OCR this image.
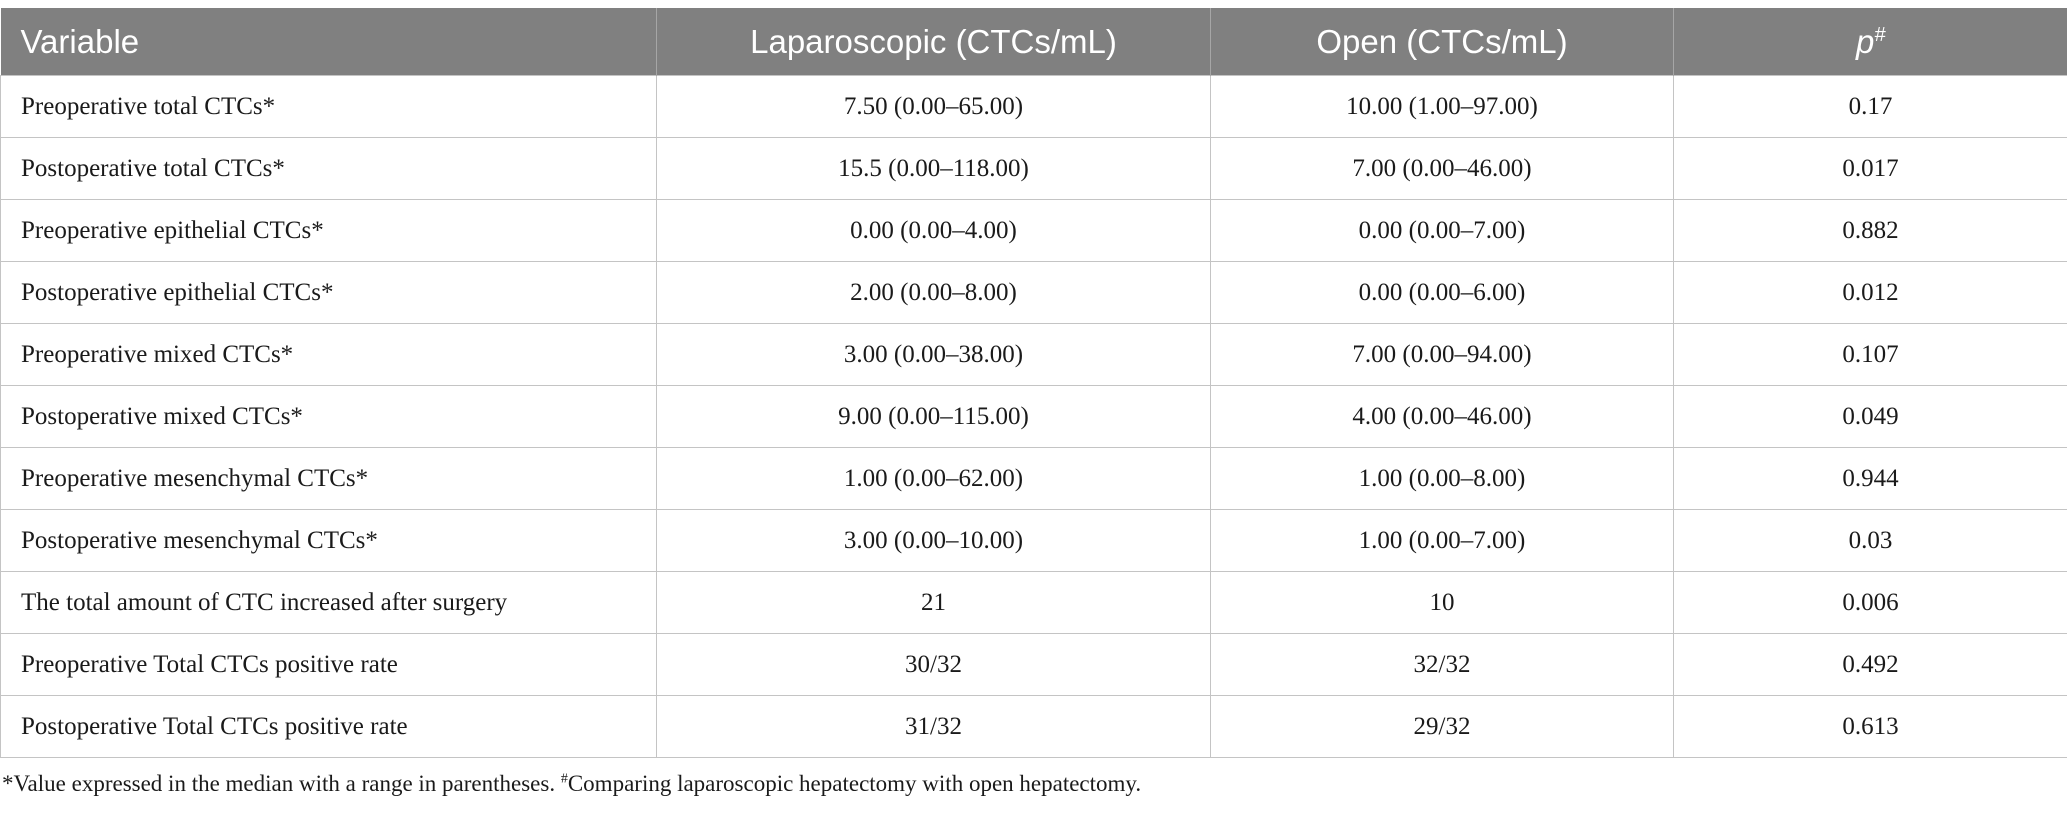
Variable	Laparoscopic (CTCs/mL)	Open (CTCs/mL)	p#
Preoperative total CTCs*	7.50 (0.00–65.00)	10.00 (1.00–97.00)	0.17
Postoperative total CTCs*	15.5 (0.00–118.00)	7.00 (0.00–46.00)	0.017
Preoperative epithelial CTCs*	0.00 (0.00–4.00)	0.00 (0.00–7.00)	0.882
Postoperative epithelial CTCs*	2.00 (0.00–8.00)	0.00 (0.00–6.00)	0.012
Preoperative mixed CTCs*	3.00 (0.00–38.00)	7.00 (0.00–94.00)	0.107
Postoperative mixed CTCs*	9.00 (0.00–115.00)	4.00 (0.00–46.00)	0.049
Preoperative mesenchymal CTCs*	1.00 (0.00–62.00)	1.00 (0.00–8.00)	0.944
Postoperative mesenchymal CTCs*	3.00 (0.00–10.00)	1.00 (0.00–7.00)	0.03
The total amount of CTC increased after surgery	21	10	0.006
Preoperative Total CTCs positive rate	30/32	32/32	0.492
Postoperative Total CTCs positive rate	31/32	29/32	0.613
*Value expressed in the median with a range in parentheses. #Comparing laparoscopic hepatectomy with open hepatectomy.
